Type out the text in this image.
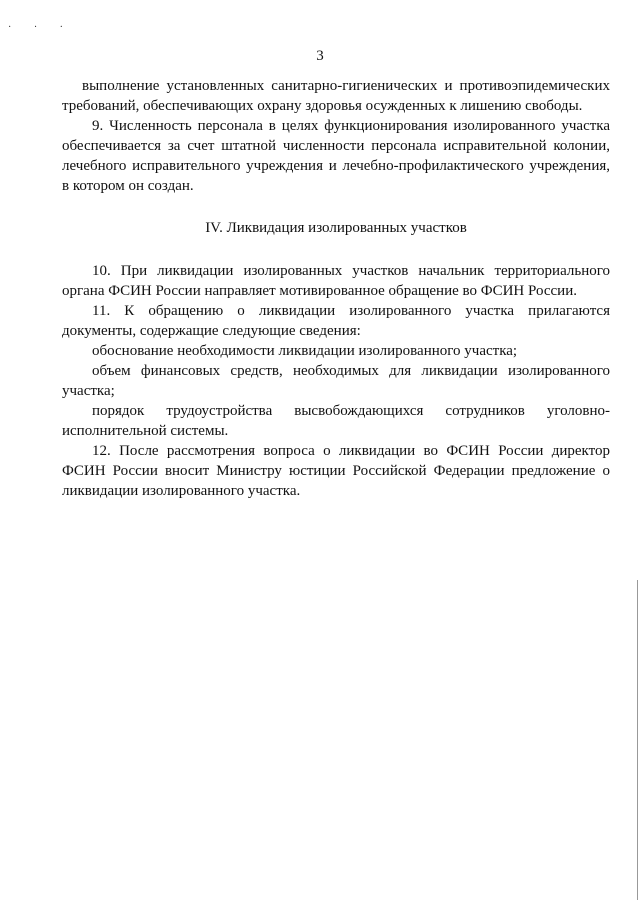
· · ·
3

выполнение установленных санитарно-гигиенических и противоэпидемических требований, обеспечивающих охрану здоровья осужденных к лишению свободы.

9. Численность персонала в целях функционирования изолированного участка обеспечивается за счет штатной численности персонала исправительной колонии, лечебного исправительного учреждения и лечебно-профилактического учреждения, в котором он создан.

IV. Ликвидация изолированных участков

10. При ликвидации изолированных участков начальник территориального органа ФСИН России направляет мотивированное обращение во ФСИН России.

11. К обращению о ликвидации изолированного участка прилагаются документы, содержащие следующие сведения:

обоснование необходимости ликвидации изолированного участка;

объем финансовых средств, необходимых для ликвидации изолированного участка;

порядок трудоустройства высвобождающихся сотрудников уголовно-исполнительной системы.

12. После рассмотрения вопроса о ликвидации во ФСИН России директор ФСИН России вносит Министру юстиции Российской Федерации предложение о ликвидации изолированного участка.
